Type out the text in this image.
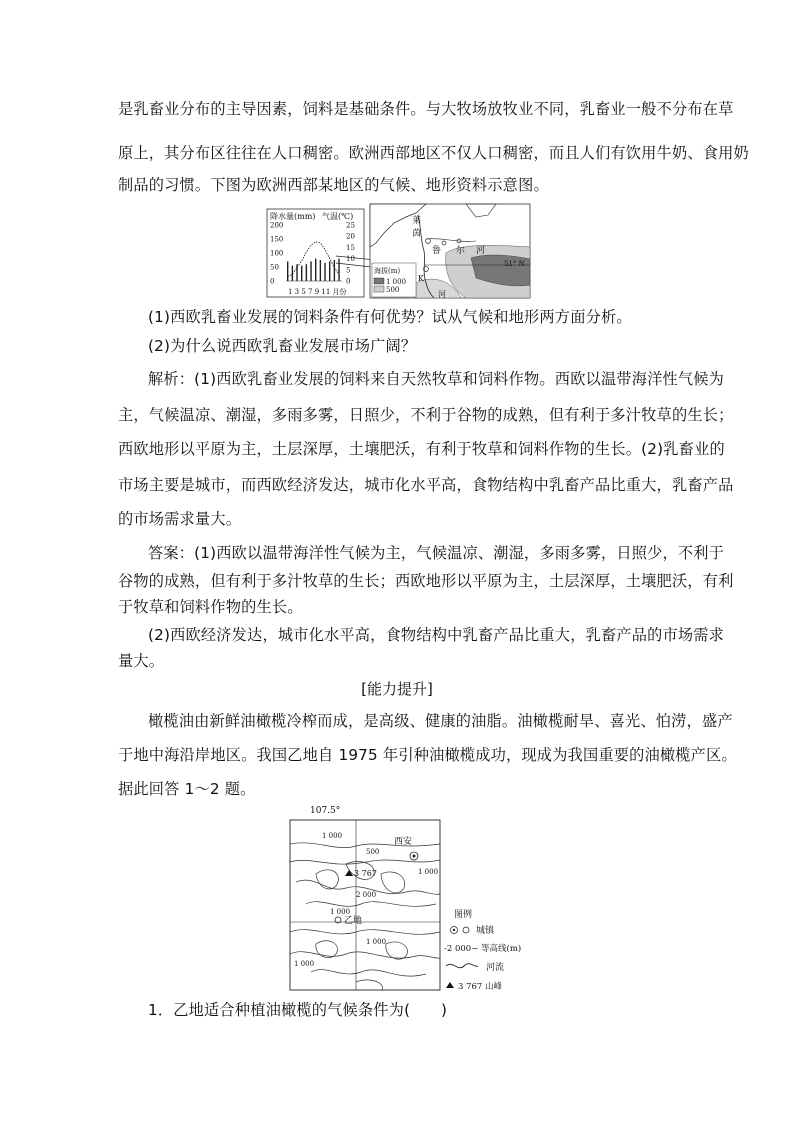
是乳畜业分布的主导因素，饲料是基础条件。与大牧场放牧业不同，乳畜业一般不分布在草
原上，其分布区往往在人口稠密。欧洲西部地区不仅人口稠密，而且人们有饮用牛奶、食用奶
制品的习惯。下图为欧洲西部某地区的气候、地形资料示意图。
降水量(mm) 气温(℃)
200
150
100
50
0
25
20
15
10
5
0
1 3 5 7 9 11 月份
莱
茵
鲁 尔 河
K
河
51° N
海拔(m)
1 000
500
(1)西欧乳畜业发展的饲料条件有何优势？试从气候和地形两方面分析。
(2)为什么说西欧乳畜业发展市场广阔？
解析：(1)西欧乳畜业发展的饲料来自天然牧草和饲料作物。西欧以温带海洋性气候为
主，气候温凉、潮湿，多雨多雾，日照少，不利于谷物的成熟，但有利于多汁牧草的生长；
西欧地形以平原为主，土层深厚，土壤肥沃，有利于牧草和饲料作物的生长。(2)乳畜业的
市场主要是城市，而西欧经济发达，城市化水平高，食物结构中乳畜产品比重大，乳畜产品
的市场需求量大。
答案：(1)西欧以温带海洋性气候为主，气候温凉、潮湿，多雨多雾，日照少，不利于
谷物的成熟，但有利于多汁牧草的生长；西欧地形以平原为主，土层深厚，土壤肥沃，有利
于牧草和饲料作物的生长。
(2)西欧经济发达，城市化水平高，食物结构中乳畜产品比重大，乳畜产品的市场需求
量大。
[能力提升]
橄榄油由新鲜油橄榄冷榨而成，是高级、健康的油脂。油橄榄耐旱、喜光、怕涝，盛产
于地中海沿岸地区。我国乙地自 1975 年引种油橄榄成功，现成为我国重要的油橄榄产区。
据此回答 1～2 题。
107.5°
西安
乙地
3 767
1 000
500
1 000
2 000
1 000
1 000
1 000
图例
城镇
-2 000~ 等高线(m)
河流
3 767 山峰
1．乙地适合种植油橄榄的气候条件为(　　)
